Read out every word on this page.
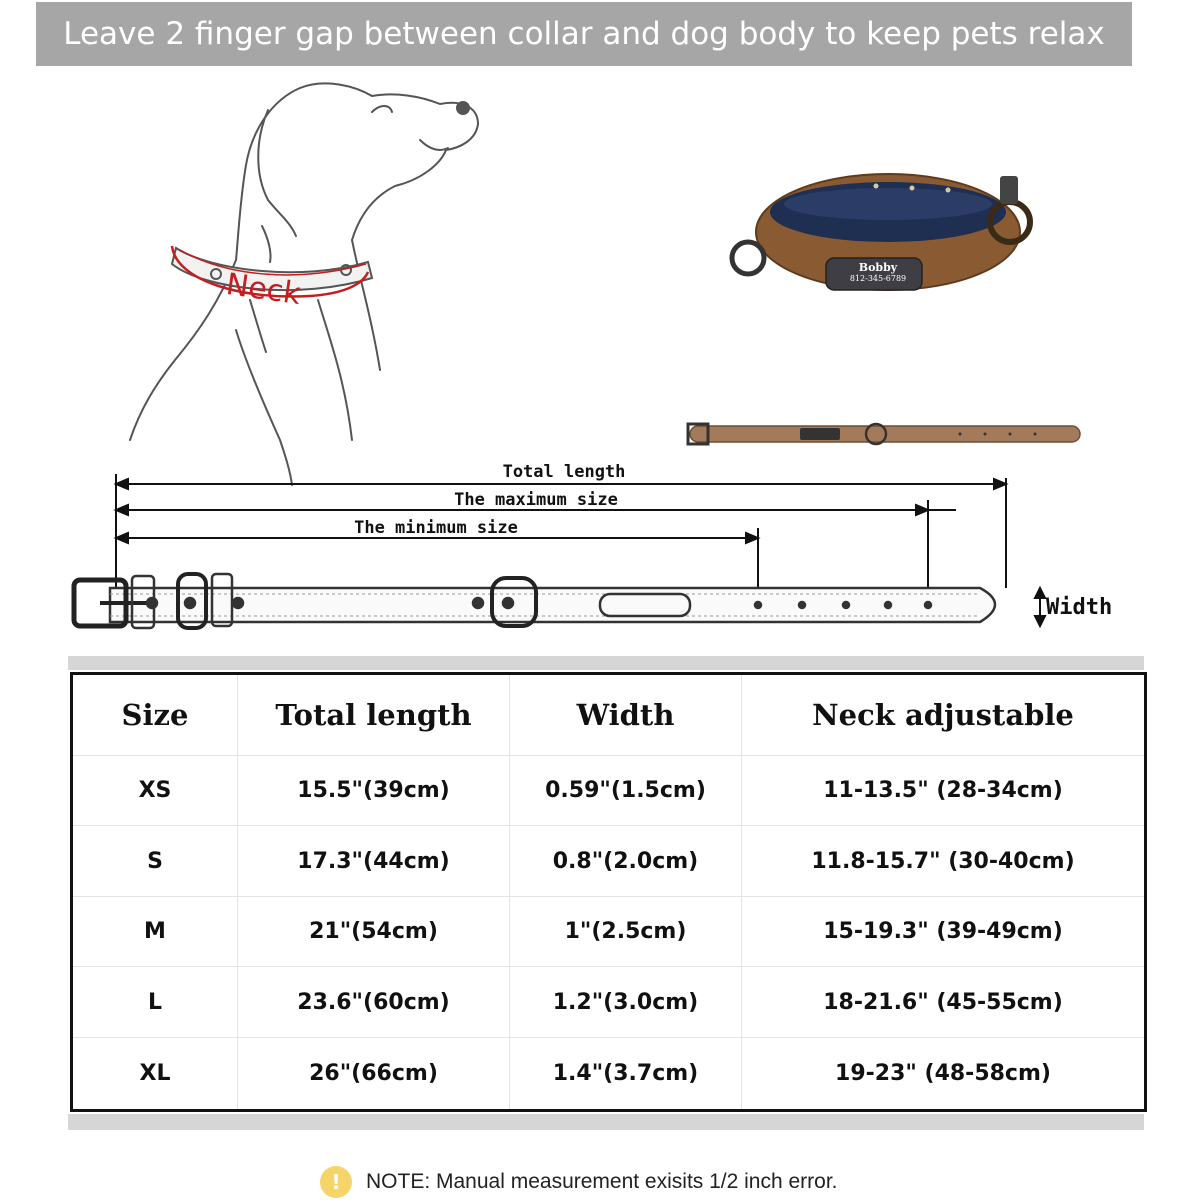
Leave 2 finger gap between collar and dog body to keep pets relax
Neck	Bobby
812-345-6789
Total length
The maximum size
The minimum size
Width
Size	Total length	Width	Neck adjustable
XS	15.5"(39cm)	0.59"(1.5cm)	11-13.5" (28-34cm)
S	17.3"(44cm)	0.8"(2.0cm)	11.8-15.7" (30-40cm)
M	21"(54cm)	1"(2.5cm)	15-19.3" (39-49cm)
L	23.6"(60cm)	1.2"(3.0cm)	18-21.6" (45-55cm)
XL	26"(66cm)	1.4"(3.7cm)	19-23" (48-58cm)
!	NOTE: Manual measurement exisits 1/2 inch error.
